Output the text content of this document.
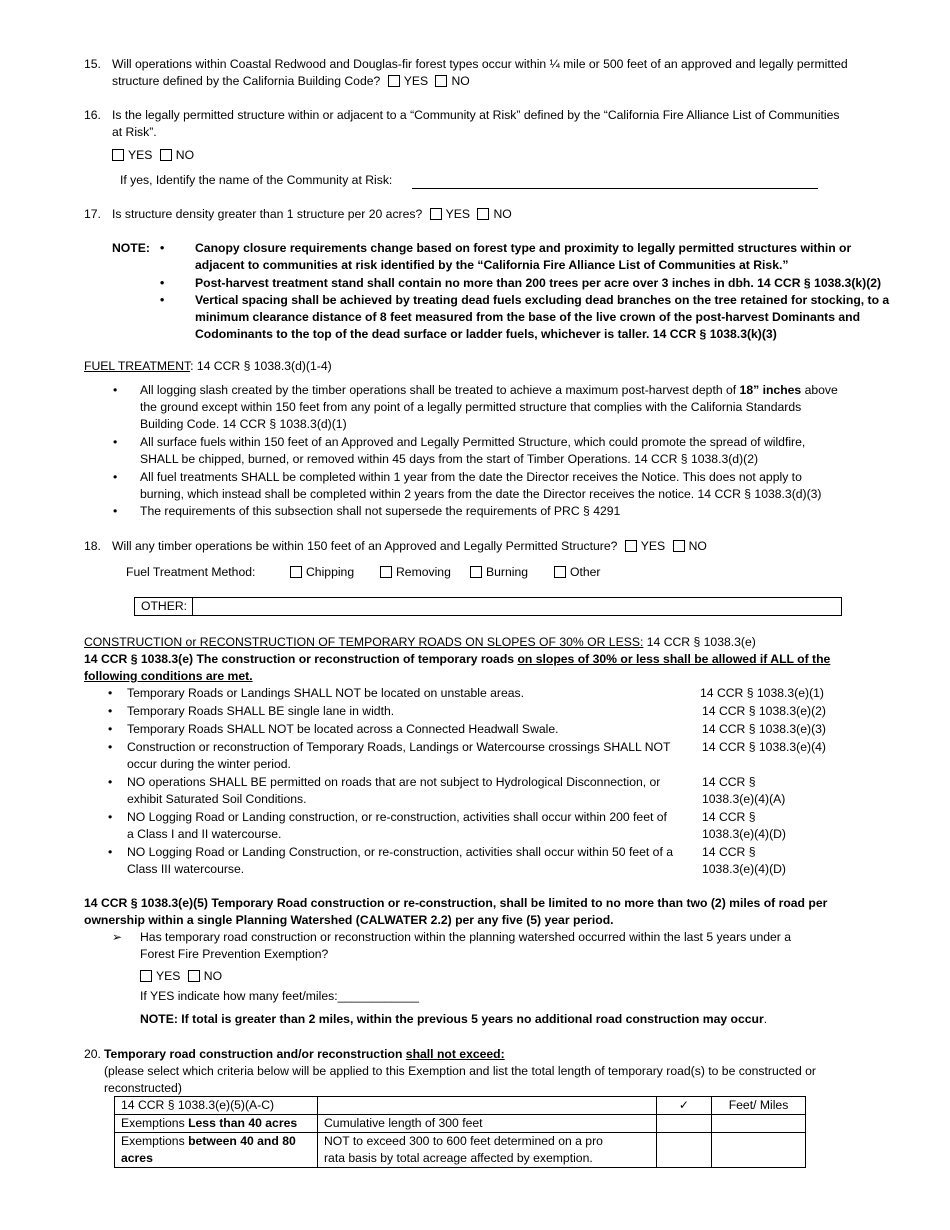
15. Will operations within Coastal Redwood and Douglas-fir forest types occur within ¼ mile or 500 feet of an approved and legally permitted
structure defined by the California Building Code? YES NO
16. Is the legally permitted structure within or adjacent to a “Community at Risk” defined by the “California Fire Alliance List of Communities
at Risk”.
YES NO
If yes, Identify the name of the Community at Risk:
17. Is structure density greater than 1 structure per 20 acres? YES NO
NOTE: •	Canopy closure requirements change based on forest type and proximity to legally permitted structures within or
adjacent to communities at risk identified by the “California Fire Alliance List of Communities at Risk.”
•	Post-harvest treatment stand shall contain no more than 200 trees per acre over 3 inches in dbh. 14 CCR § 1038.3(k)(2)
•	Vertical spacing shall be achieved by treating dead fuels excluding dead branches on the tree retained for stocking, to a
minimum clearance distance of 8 feet measured from the base of the live crown of the post-harvest Dominants and
Codominants to the top of the dead surface or ladder fuels, whichever is taller. 14 CCR § 1038.3(k)(3)
FUEL TREATMENT: 14 CCR § 1038.3(d)(1-4)
• All logging slash created by the timber operations shall be treated to achieve a maximum post-harvest depth of 18” inches above
the ground except within 150 feet from any point of a legally permitted structure that complies with the California Standards
Building Code. 14 CCR § 1038.3(d)(1)
• All surface fuels within 150 feet of an Approved and Legally Permitted Structure, which could promote the spread of wildfire,
SHALL be chipped, burned, or removed within 45 days from the start of Timber Operations. 14 CCR § 1038.3(d)(2)
• All fuel treatments SHALL be completed within 1 year from the date the Director receives the Notice. This does not apply to
burning, which instead shall be completed within 2 years from the date the Director receives the notice. 14 CCR § 1038.3(d)(3)
• The requirements of this subsection shall not supersede the requirements of PRC § 4291
18. Will any timber operations be within 150 feet of an Approved and Legally Permitted Structure? YES NO
Fuel Treatment Method:	Chipping	Removing	Burning	Other
OTHER:
CONSTRUCTION or RECONSTRUCTION OF TEMPORARY ROADS ON SLOPES OF 30% OR LESS: 14 CCR § 1038.3(e)
14 CCR § 1038.3(e) The construction or reconstruction of temporary roads on slopes of 30% or less shall be allowed if ALL of the
following conditions are met.
• Temporary Roads or Landings SHALL NOT be located on unstable areas.	14 CCR § 1038.3(e)(1)
• Temporary Roads SHALL BE single lane in width.	14 CCR § 1038.3(e)(2)
• Temporary Roads SHALL NOT be located across a Connected Headwall Swale.	14 CCR § 1038.3(e)(3)
• Construction or reconstruction of Temporary Roads, Landings or Watercourse crossings SHALL NOT
occur during the winter period.
14 CCR § 1038.3(e)(4)
• NO operations SHALL BE permitted on roads that are not subject to Hydrological Disconnection, or
exhibit Saturated Soil Conditions.
14 CCR §
1038.3(e)(4)(A)
• NO Logging Road or Landing construction, or re-construction, activities shall occur within 200 feet of
a Class I and II watercourse.
14 CCR §
1038.3(e)(4)(D)
• NO Logging Road or Landing Construction, or re-construction, activities shall occur within 50 feet of a
Class III watercourse.
14 CCR §
1038.3(e)(4)(D)
14 CCR § 1038.3(e)(5) Temporary Road construction or re-construction, shall be limited to no more than two (2) miles of road per
ownership within a single Planning Watershed (CALWATER 2.2) per any five (5) year period.
➢ Has temporary road construction or reconstruction within the planning watershed occurred within the last 5 years under a
Forest Fire Prevention Exemption?
YES NO
If YES indicate how many feet/miles:____________
NOTE: If total is greater than 2 miles, within the previous 5 years no additional road construction may occur.
20. Temporary road construction and/or reconstruction shall not exceed:
(please select which criteria below will be applied to this Exemption and list the total length of temporary road(s) to be constructed or
reconstructed)
14 CCR § 1038.3(e)(5)(A-C)		✓	Feet/ Miles
Exemptions Less than 40 acres	Cumulative length of 300 feet		
Exemptions between 40 and 80
acres	NOT to exceed 300 to 600 feet determined on a pro
rata basis by total acreage affected by exemption.		
